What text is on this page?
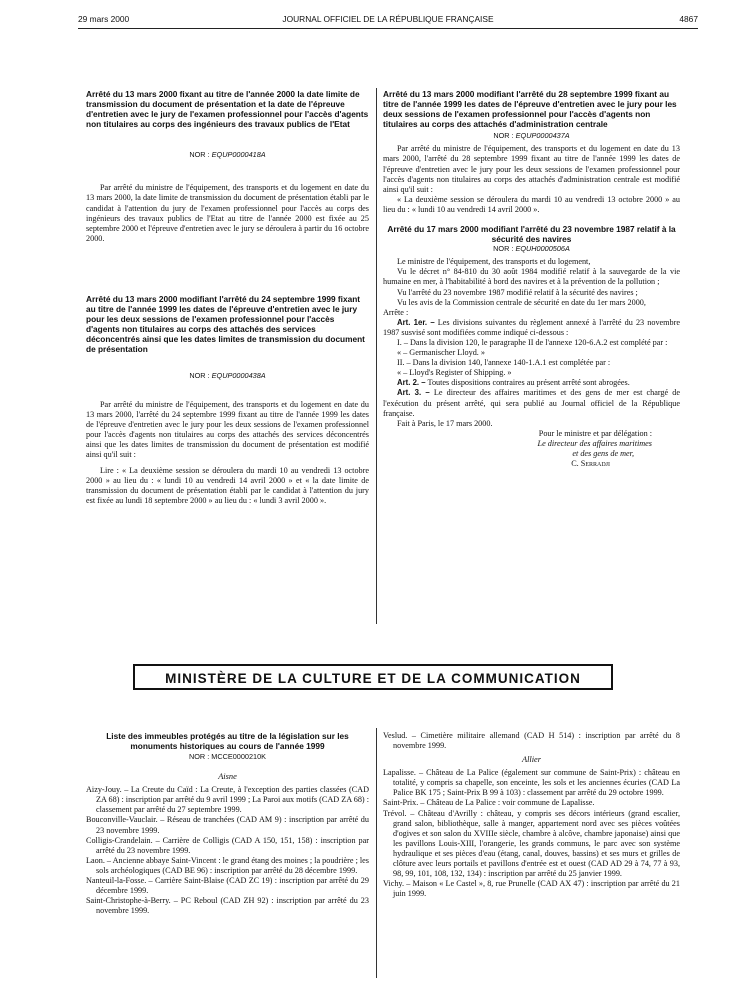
29 mars 2000	JOURNAL OFFICIEL DE LA RÉPUBLIQUE FRANÇAISE	4867

Arrêté du 13 mars 2000 fixant au titre de l'année 2000 la date limite de transmission du document de présentation et la date de l'épreuve d'entretien avec le jury de l'examen professionnel pour l'accès d'agents non titulaires au corps des ingénieurs des travaux publics de l'Etat

NOR : EQUP0000418A

Par arrêté du ministre de l'équipement, des transports et du logement en date du 13 mars 2000, la date limite de transmission du document de présentation établi par le candidat à l'attention du jury de l'examen professionnel pour l'accès au corps des ingénieurs des travaux publics de l'Etat au titre de l'année 2000 est fixée au 25 septembre 2000 et l'épreuve d'entretien avec le jury se déroulera à partir du 16 octobre 2000.

Arrêté du 13 mars 2000 modifiant l'arrêté du 24 septembre 1999 fixant au titre de l'année 1999 les dates de l'épreuve d'entretien avec le jury pour les deux sessions de l'examen professionnel pour l'accès d'agents non titulaires au corps des attachés des services déconcentrés ainsi que les dates limites de transmission du document de présentation

NOR : EQUP0000438A

Par arrêté du ministre de l'équipement, des transports et du logement en date du 13 mars 2000, l'arrêté du 24 septembre 1999 fixant au titre de l'année 1999 les dates de l'épreuve d'entretien avec le jury pour les deux sessions de l'examen professionnel pour l'accès d'agents non titulaires au corps des attachés des services déconcentrés ainsi que les dates limites de transmission du document de présentation est modifié ainsi qu'il suit :

Lire : « La deuxième session se déroulera du mardi 10 au vendredi 13 octobre 2000 » au lieu du : « lundi 10 au vendredi 14 avril 2000 » et « la date limite de transmission du document de présentation établi par le candidat à l'attention du jury est fixée au lundi 18 septembre 2000 » au lieu du : « lundi 3 avril 2000 ».

Arrêté du 13 mars 2000 modifiant l'arrêté du 28 septembre 1999 fixant au titre de l'année 1999 les dates de l'épreuve d'entretien avec le jury pour les deux sessions de l'examen professionnel pour l'accès d'agents non titulaires au corps des attachés d'administration centrale

NOR : EQUP0000437A

Par arrêté du ministre de l'équipement, des transports et du logement en date du 13 mars 2000, l'arrêté du 28 septembre 1999 fixant au titre de l'année 1999 les dates de l'épreuve d'entretien avec le jury pour les deux sessions de l'examen professionnel pour l'accès d'agents non titulaires au corps des attachés d'administration centrale est modifié ainsi qu'il suit :

« La deuxième session se déroulera du mardi 10 au vendredi 13 octobre 2000 » au lieu du : « lundi 10 au vendredi 14 avril 2000 ».

Arrêté du 17 mars 2000 modifiant l'arrêté du 23 novembre 1987 relatif à la sécurité des navires

NOR : EQUH0000506A

Le ministre de l'équipement, des transports et du logement,

Vu le décret n° 84-810 du 30 août 1984 modifié relatif à la sauvegarde de la vie humaine en mer, à l'habitabilité à bord des navires et à la prévention de la pollution ;

Vu l'arrêté du 23 novembre 1987 modifié relatif à la sécurité des navires ;

Vu les avis de la Commission centrale de sécurité en date du 1er mars 2000,

Arrête :

Art. 1er. – Les divisions suivantes du règlement annexé à l'arrêté du 23 novembre 1987 susvisé sont modifiées comme indiqué ci-dessous :

I. – Dans la division 120, le paragraphe II de l'annexe 120-6.A.2 est complété par :

« – Germanischer Lloyd. »

II. – Dans la division 140, l'annexe 140-1.A.1 est complétée par :

« – Lloyd's Register of Shipping. »

Art. 2. – Toutes dispositions contraires au présent arrêté sont abrogées.

Art. 3. – Le directeur des affaires maritimes et des gens de mer est chargé de l'exécution du présent arrêté, qui sera publié au Journal officiel de la République française.

Fait à Paris, le 17 mars 2000.

Pour le ministre et par délégation :

Le directeur des affaires maritimes

et des gens de mer,

C. Serradji

MINISTÈRE DE LA CULTURE ET DE LA COMMUNICATION

Liste des immeubles protégés au titre de la législation sur les monuments historiques au cours de l'année 1999

NOR : MCCE0000210K

Aisne

Aizy-Jouy. – La Creute du Caïd : La Creute, à l'exception des parties classées (CAD ZA 68) : inscription par arrêté du 9 avril 1999 ; La Paroi aux motifs (CAD ZA 68) : classement par arrêté du 27 septembre 1999.

Bouconville-Vauclair. – Réseau de tranchées (CAD AM 9) : inscription par arrêté du 23 novembre 1999.

Colligis-Crandelain. – Carrière de Colligis (CAD A 150, 151, 158) : inscription par arrêté du 23 novembre 1999.

Laon. – Ancienne abbaye Saint-Vincent : le grand étang des moines ; la poudrière ; les sols archéologiques (CAD BE 96) : inscription par arrêté du 28 décembre 1999.

Nanteuil-la-Fosse. – Carrière Saint-Blaise (CAD ZC 19) : inscription par arrêté du 29 décembre 1999.

Saint-Christophe-à-Berry. – PC Reboul (CAD ZH 92) : inscription par arrêté du 23 novembre 1999.

Veslud. – Cimetière militaire allemand (CAD H 514) : inscription par arrêté du 8 novembre 1999.

Allier

Lapalisse. – Château de La Palice (également sur commune de Saint-Prix) : château en totalité, y compris sa chapelle, son enceinte, les sols et les anciennes écuries (CAD La Palice BK 175 ; Saint-Prix B 99 à 103) : classement par arrêté du 29 octobre 1999.

Saint-Prix. – Château de La Palice : voir commune de Lapalisse.

Trévol. – Château d'Avrilly : château, y compris ses décors intérieurs (grand escalier, grand salon, bibliothèque, salle à manger, appartement nord avec ses pièces voûtées d'ogives et son salon du XVIIIe siècle, chambre à alcôve, chambre japonaise) ainsi que les pavillons Louis-XIII, l'orangerie, les grands communs, le parc avec son système hydraulique et ses pièces d'eau (étang, canal, douves, bassins) et ses murs et grilles de clôture avec leurs portails et pavillons d'entrée est et ouest (CAD AD 29 à 74, 77 à 93, 98, 99, 101, 108, 132, 134) : inscription par arrêté du 25 janvier 1999.

Vichy. – Maison « Le Castel », 8, rue Prunelle (CAD AX 47) : inscription par arrêté du 21 juin 1999.
